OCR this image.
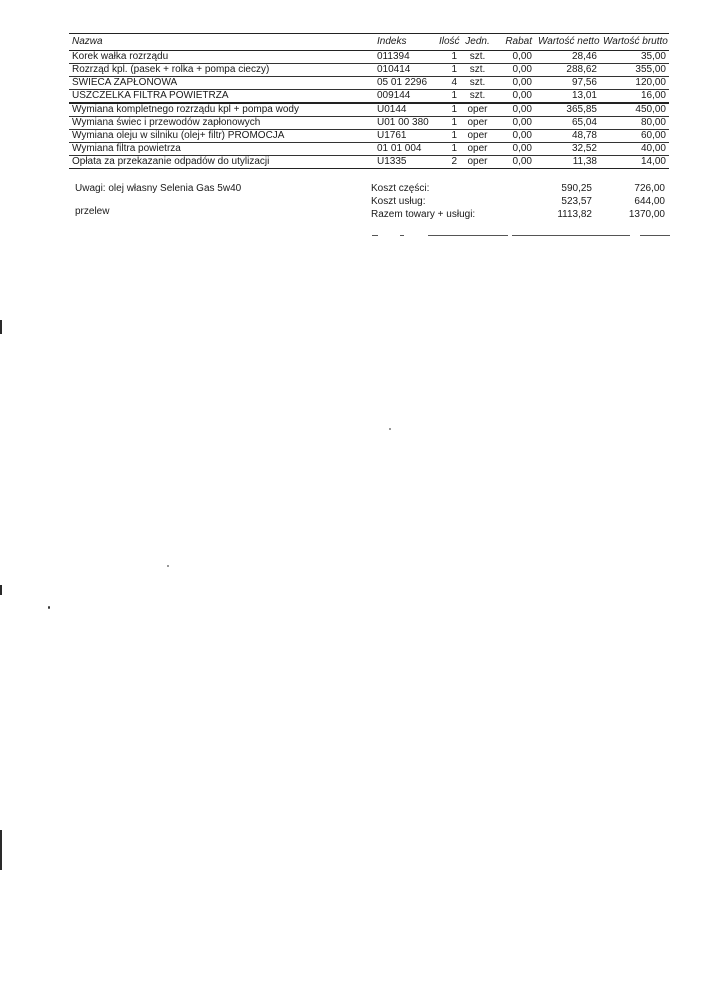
Nazwa	Indeks	Ilość	Jedn.	Rabat	Wartość netto	Wartość brutto
Korek wałka rozrządu	011394	1	szt.	0,00	28,46	35,00
Rozrząd kpl. (pasek + rolka + pompa cieczy)	010414	1	szt.	0,00	288,62	355,00
ŚWIECA ZAPŁONOWA	05 01 2296	4	szt.	0,00	97,56	120,00
USZCZELKA FILTRA POWIETRZA	009144	1	szt.	0,00	13,01	16,00
Wymiana kompletnego rozrządu kpl + pompa wody	U0144	1	oper	0,00	365,85	450,00
Wymiana świec i przewodów zapłonowych	U01 00 380	1	oper	0,00	65,04	80,00
Wymiana oleju w silniku (olej+ filtr) PROMOCJA	U1761	1	oper	0,00	48,78	60,00
Wymiana filtra powietrza	01 01 004	1	oper	0,00	32,52	40,00
Opłata za przekazanie odpadów do utylizacji	U1335	2	oper	0,00	11,38	14,00
Uwagi: olej własny Selenia Gas 5w40
przelew
Koszt części:	590,25	726,00
Koszt usług:	523,57	644,00
Razem towary + usługi:	1113,82	1370,00
